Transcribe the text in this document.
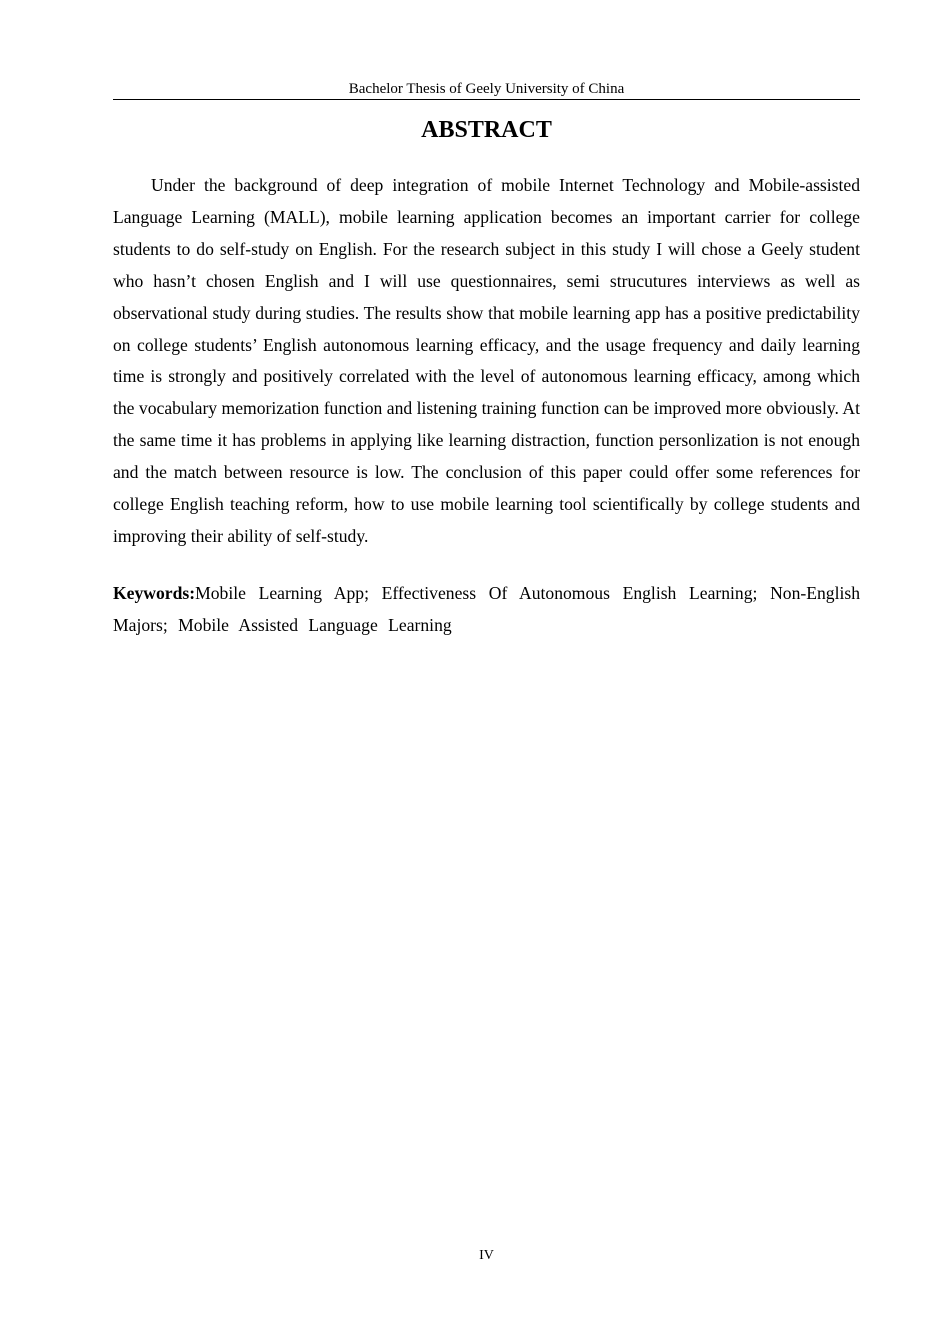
Bachelor Thesis of Geely University of China
ABSTRACT

Under the background of deep integration of mobile Internet Technology and Mobile-assisted Language Learning (MALL), mobile learning application becomes an important carrier for college students to do self-study on English. For the research subject in this study I will chose a Geely student who hasn’t chosen English and I will use questionnaires, semi strucutures interviews as well as observational study during studies. The results show that mobile learning app has a positive predictability on college students’ English autonomous learning efficacy, and the usage frequency and daily learning time is strongly and positively correlated with the level of autonomous learning efficacy, among which the vocabulary memorization function and listening training function can be improved more obviously. At the same time it has problems in applying like learning distraction, function personlization is not enough and the match between resource is low. The conclusion of this paper could offer some references for college English teaching reform, how to use mobile learning tool scientifically by college students and improving their ability of self-study.

Keywords:Mobile Learning App; Effectiveness Of Autonomous English Learning; Non-English Majors; Mobile Assisted Language Learning

IV
